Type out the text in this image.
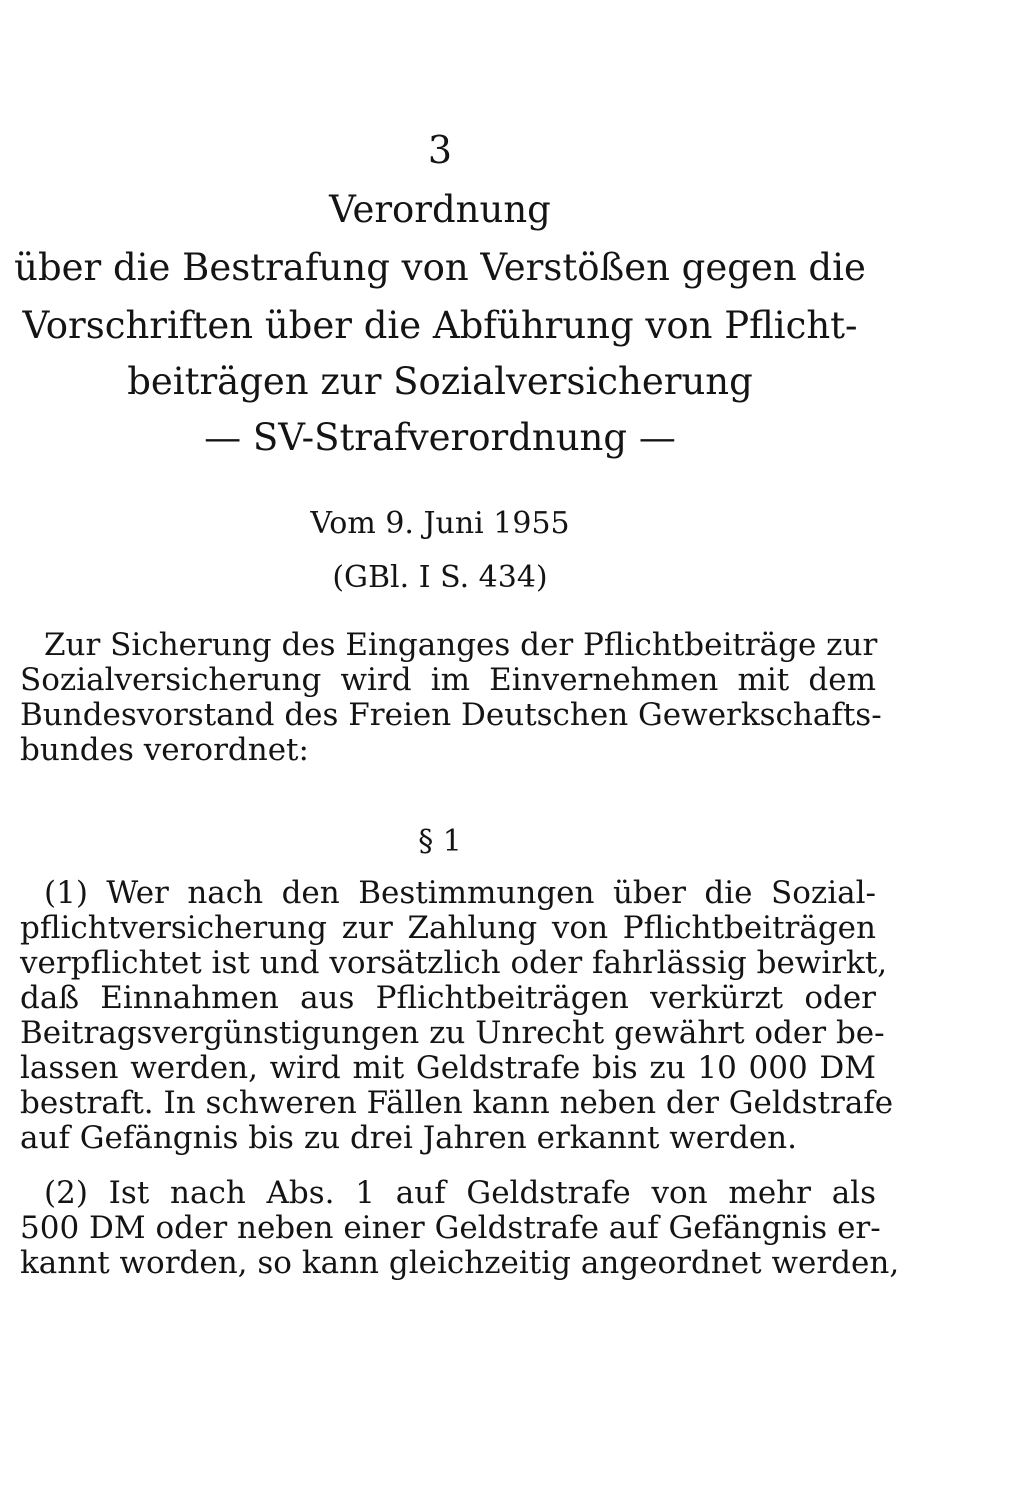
3
Verordnung
über die Bestrafung von Verstößen gegen die
Vorschriften über die Abführung von Pflicht-
beiträgen zur Sozialversicherung
— SV-Strafverordnung —
Vom 9. Juni 1955
(GBl. I S. 434)
Zur Sicherung des Einganges der Pflichtbeiträge zur
Sozialversicherung wird im Einvernehmen mit dem
Bundesvorstand des Freien Deutschen Gewerkschafts-
bundes verordnet:
§ 1
(1) Wer nach den Bestimmungen über die Sozial-
pflichtversicherung zur Zahlung von Pflichtbeiträgen
verpflichtet ist und vorsätzlich oder fahrlässig bewirkt,
daß Einnahmen aus Pflichtbeiträgen verkürzt oder
Beitragsvergünstigungen zu Unrecht gewährt oder be-
lassen werden, wird mit Geldstrafe bis zu 10 000 DM
bestraft. In schweren Fällen kann neben der Geldstrafe
auf Gefängnis bis zu drei Jahren erkannt werden.
(2) Ist nach Abs. 1 auf Geldstrafe von mehr als
500 DM oder neben einer Geldstrafe auf Gefängnis er-
kannt worden, so kann gleichzeitig angeordnet werden,
